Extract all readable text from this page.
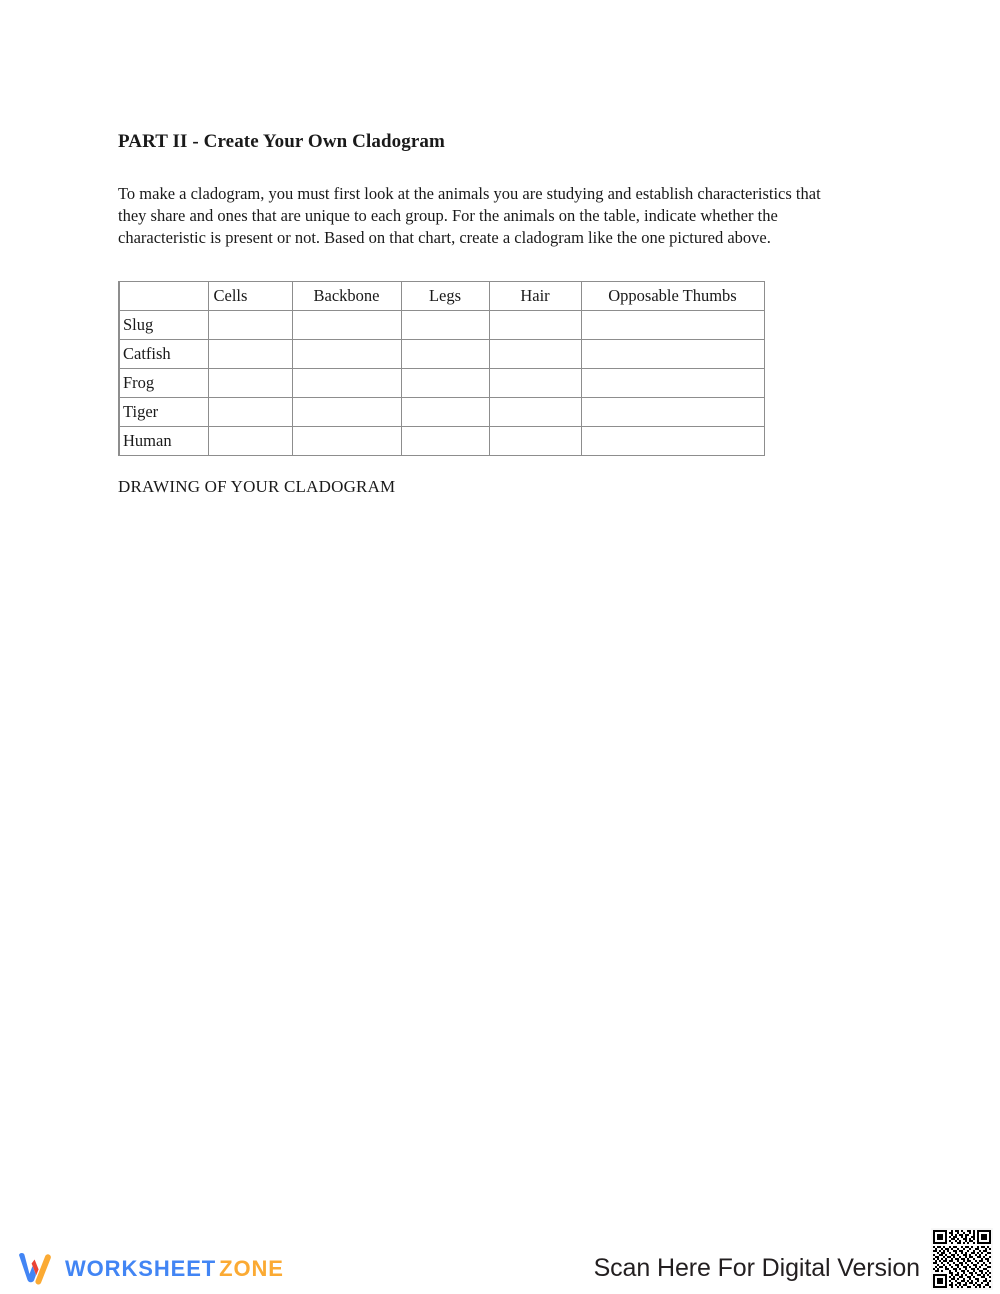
PART II - Create Your Own Cladogram

To make a cladogram, you must first look at the animals you are studying and establish characteristics that they share and ones that are unique to each group. For the animals on the table, indicate whether the characteristic is present or not. Based on that chart, create a cladogram like the one pictured above.

	Cells	Backbone	Legs	Hair	Opposable Thumbs
Slug					
Catfish					
Frog					
Tiger					
Human					
DRAWING OF YOUR CLADOGRAM
WORKSHEET ZONE	Scan Here For Digital Version
